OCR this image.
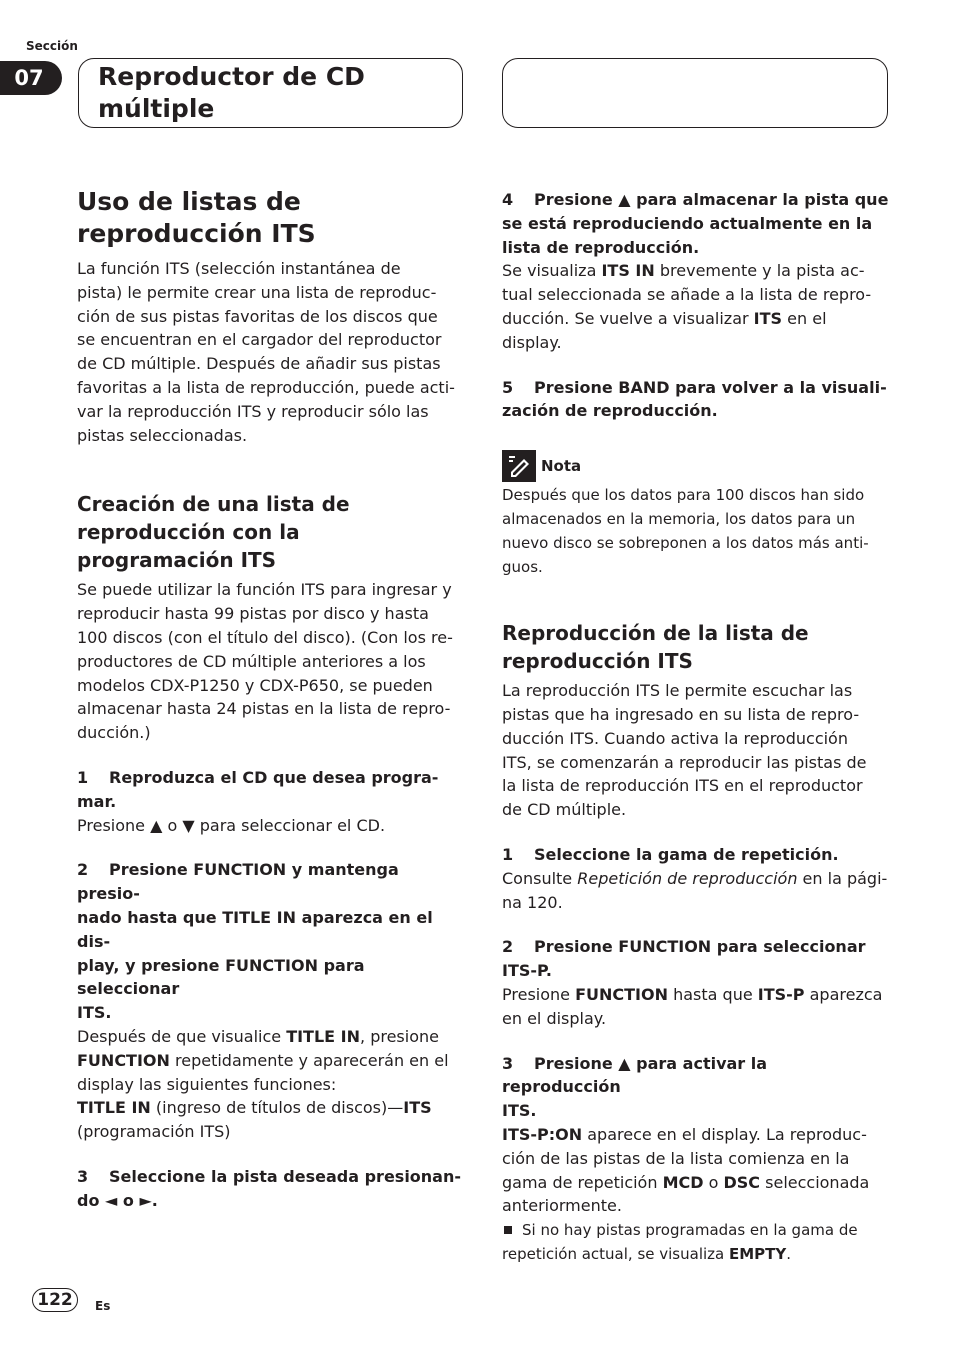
Sección
07	Reproductor de CD
múltiple
Uso de listas de
reproducción ITS

La función ITS (selección instantánea de

pista) le permite crear una lista de reproduc-

ción de sus pistas favoritas de los discos que

se encuentran en el cargador del reproductor

de CD múltiple. Después de añadir sus pistas

favoritas a la lista de reproducción, puede acti-

var la reproducción ITS y reproducir sólo las

pistas seleccionadas.

Creación de una lista de
reproducción con la
programación ITS

Se puede utilizar la función ITS para ingresar y

reproducir hasta 99 pistas por disco y hasta

100 discos (con el título del disco). (Con los re-

productores de CD múltiple anteriores a los

modelos CDX-P1250 y CDX-P650, se pueden

almacenar hasta 24 pistas en la lista de repro-

ducción.)

1 Reproduzca el CD que desea progra-
mar.

Presione ▲ o ▼ para seleccionar el CD.

2 Presione FUNCTION y mantenga presio-
nado hasta que TITLE IN aparezca en el dis-
play, y presione FUNCTION para seleccionar
ITS.

Después de que visualice TITLE IN, presione

FUNCTION repetidamente y aparecerán en el

display las siguientes funciones:

TITLE IN (ingreso de títulos de discos)—ITS

(programación ITS)

3 Seleccione la pista deseada presionan-
do ◄ o ►.
4 Presione ▲ para almacenar la pista que
se está reproduciendo actualmente en la
lista de reproducción.

Se visualiza ITS IN brevemente y la pista ac-

tual seleccionada se añade a la lista de repro-

ducción. Se vuelve a visualizar ITS en el

display.

5 Presione BAND para volver a la visuali-
zación de reproducción.
Nota

Después que los datos para 100 discos han sido

almacenados en la memoria, los datos para un

nuevo disco se sobreponen a los datos más anti-

guos.

Reproducción de la lista de
reproducción ITS

La reproducción ITS le permite escuchar las

pistas que ha ingresado en su lista de repro-

ducción ITS. Cuando activa la reproducción

ITS, se comenzarán a reproducir las pistas de

la lista de reproducción ITS en el reproductor

de CD múltiple.

1 Seleccione la gama de repetición.

Consulte Repetición de reproducción en la pági-

na 120.

2 Presione FUNCTION para seleccionar
ITS-P.

Presione FUNCTION hasta que ITS-P aparezca

en el display.

3 Presione ▲ para activar la reproducción
ITS.

ITS-P:ON aparece en el display. La reproduc-

ción de las pistas de la lista comienza en la

gama de repetición MCD o DSC seleccionada

anteriormente.

Si no hay pistas programadas en la gama de

repetición actual, se visualiza EMPTY.

122	Es
